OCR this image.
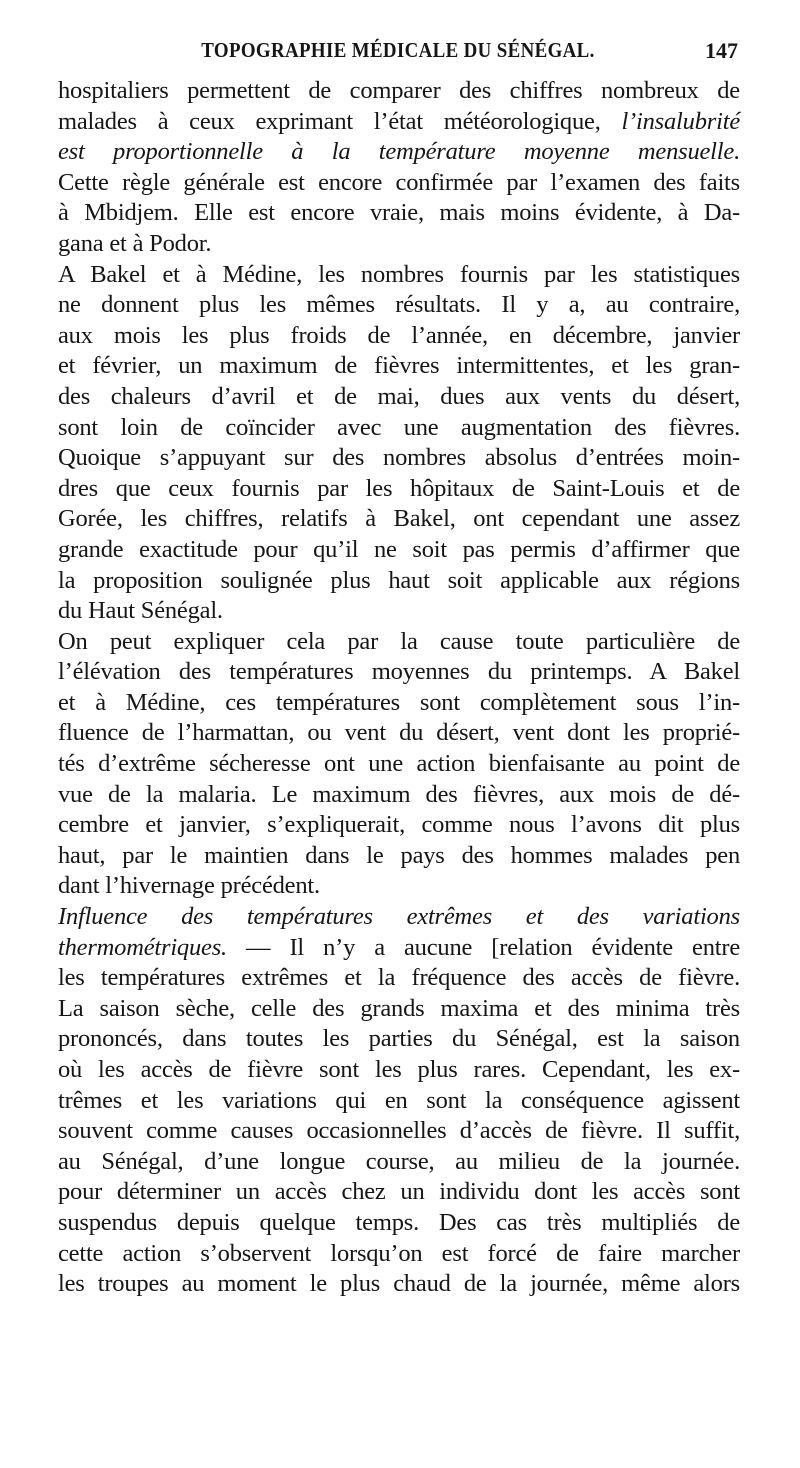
TOPOGRAPHIE MÉDICALE DU SÉNÉGAL.	147
hospitaliers permettent de comparer des chiffres nombreux de
malades à ceux exprimant l’état météorologique, l’insalubrité
est proportionnelle à la température moyenne mensuelle.
Cette règle générale est encore confirmée par l’examen des faits
à Mbidjem. Elle est encore vraie, mais moins évidente, à Da-
gana et à Podor.
A Bakel et à Médine, les nombres fournis par les statistiques
ne donnent plus les mêmes résultats. Il y a, au contraire,
aux mois les plus froids de l’année, en décembre, janvier
et février, un maximum de fièvres intermittentes, et les gran-
des chaleurs d’avril et de mai, dues aux vents du désert,
sont loin de coïncider avec une augmentation des fièvres.
Quoique s’appuyant sur des nombres absolus d’entrées moin-
dres que ceux fournis par les hôpitaux de Saint-Louis et de
Gorée, les chiffres, relatifs à Bakel, ont cependant une assez
grande exactitude pour qu’il ne soit pas permis d’affirmer que
la proposition soulignée plus haut soit applicable aux régions
du Haut Sénégal.
On peut expliquer cela par la cause toute particulière de
l’élévation des températures moyennes du printemps. A Bakel
et à Médine, ces températures sont complètement sous l’in-
fluence de l’harmattan, ou vent du désert, vent dont les proprié-
tés d’extrême sécheresse ont une action bienfaisante au point de
vue de la malaria. Le maximum des fièvres, aux mois de dé-
cembre et janvier, s’expliquerait, comme nous l’avons dit plus
haut, par le maintien dans le pays des hommes malades pen
dant l’hivernage précédent.
Influence des températures extrêmes et des variations
thermométriques. — Il n’y a aucune [relation évidente entre
les températures extrêmes et la fréquence des accès de fièvre.
La saison sèche, celle des grands maxima et des minima très
prononcés, dans toutes les parties du Sénégal, est la saison
où les accès de fièvre sont les plus rares. Cependant, les ex-
trêmes et les variations qui en sont la conséquence agissent
souvent comme causes occasionnelles d’accès de fièvre. Il suffit,
au Sénégal, d’une longue course, au milieu de la journée.
pour déterminer un accès chez un individu dont les accès sont
suspendus depuis quelque temps. Des cas très multipliés de
cette action s’observent lorsqu’on est forcé de faire marcher
les troupes au moment le plus chaud de la journée, même alors
